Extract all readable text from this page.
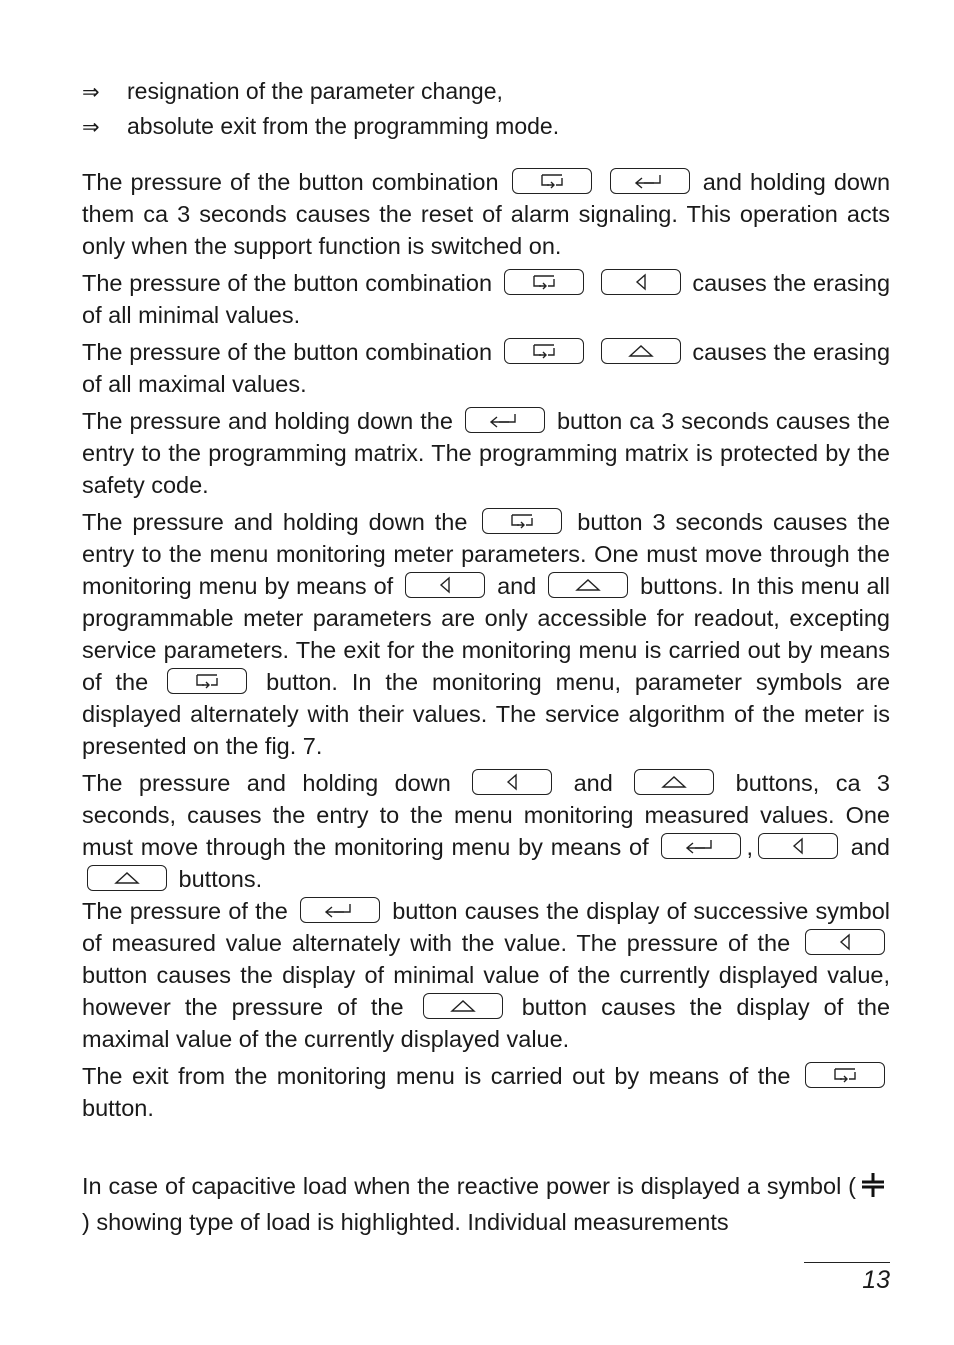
⇒	resignation of the parameter change,
⇒	absolute exit from the programming mode.

The pressure of the button combination
	and holding down them ca 3 seconds causes the reset of alarm signaling. This operation acts only when the support function is switched on.

The pressure of the button combination
	causes the erasing of all minimal values.

The pressure of the button combination
	causes the erasing of all maximal values.

The pressure and holding down the	button ca 3 seconds causes the entry to the programming matrix. The programming matrix is protected by the safety code.

The pressure and holding down the	button 3 seconds causes the entry to the menu monitoring meter parameters. One must move through the monitoring menu by means of	and	buttons. In this menu all programmable meter parameters are only accessible for readout, excepting service parameters. The exit for the monitoring menu is carried out by means of the	button. In the monitoring menu, parameter symbols are displayed alternately with their values. The service algorithm of the meter is presented on the fig. 7.

The pressure and holding down	and	buttons, ca 3 seconds, causes the entry to the menu monitoring measured values. One must move through the monitoring menu by means of	,	and
buttons.

The pressure of the	button causes the display of successive symbol of measured value alternately with the value. The pressure of the
button causes the display of minimal value of the currently displayed value, however the pressure of the	button causes the display of the maximal value of the currently displayed value.

The exit from the monitoring menu is carried out by means of the
button.

In case of capacitive load when the reactive power is displayed a symbol () showing type of load is highlighted. Individual measurements

13
